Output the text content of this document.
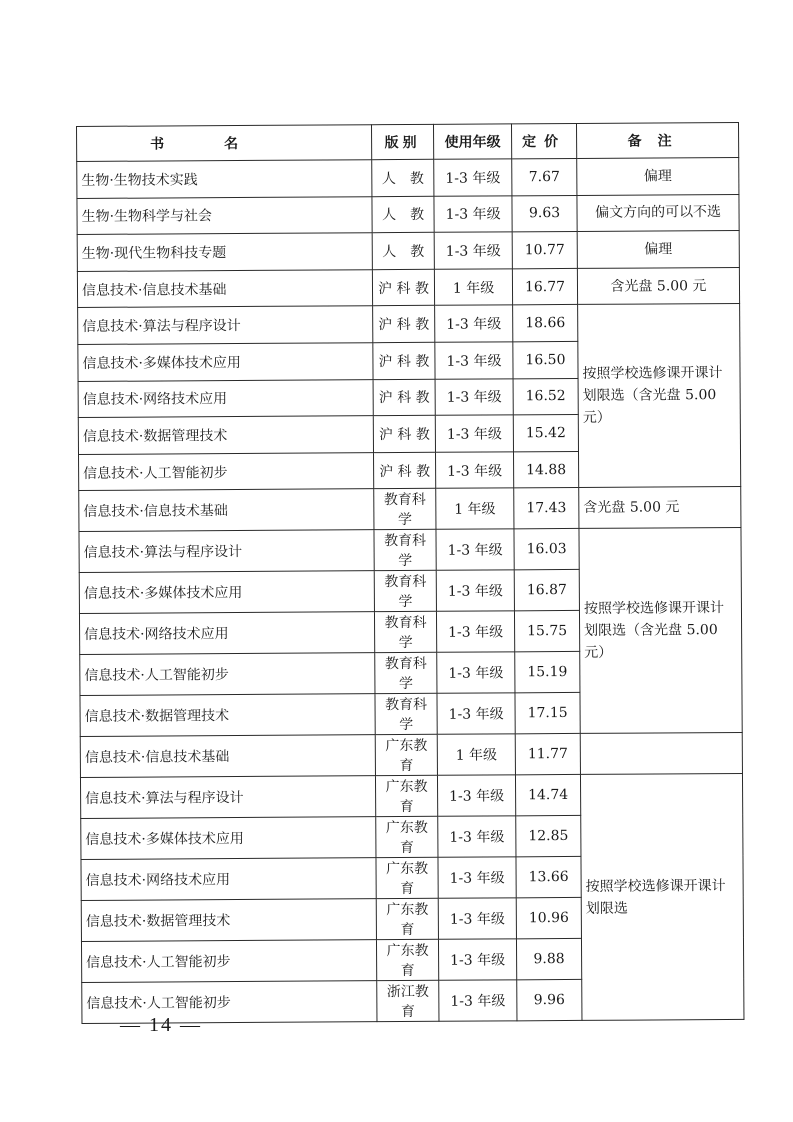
书名	版别	使用年级	定价	备注
生物·生物技术实践	人　教	1-3 年级	7.67	偏理
生物·生物科学与社会	人　教	1-3 年级	9.63	偏文方向的可以不选
生物·现代生物科技专题	人　教	1-3 年级	10.77	偏理
信息技术·信息技术基础	沪 科 教	1 年级	16.77	含光盘 5.00 元
信息技术·算法与程序设计	沪 科 教	1-3 年级	18.66	按照学校选修课开课计划限选（含光盘 5.00 元）
信息技术·多媒体技术应用	沪 科 教	1-3 年级	16.50	
信息技术·网络技术应用	沪 科 教	1-3 年级	16.52	
信息技术·数据管理技术	沪 科 教	1-3 年级	15.42	
信息技术·人工智能初步	沪 科 教	1-3 年级	14.88	
信息技术·信息技术基础	教育科学	1 年级	17.43	含光盘 5.00 元
信息技术·算法与程序设计	教育科学	1-3 年级	16.03	按照学校选修课开课计划限选（含光盘 5.00 元）
信息技术·多媒体技术应用	教育科学	1-3 年级	16.87	
信息技术·网络技术应用	教育科学	1-3 年级	15.75	
信息技术·人工智能初步	教育科学	1-3 年级	15.19	
信息技术·数据管理技术	教育科学	1-3 年级	17.15	
信息技术·信息技术基础	广东教育	1 年级	11.77	
信息技术·算法与程序设计	广东教育	1-3 年级	14.74	按照学校选修课开课计划限选
信息技术·多媒体技术应用	广东教育	1-3 年级	12.85	
信息技术·网络技术应用	广东教育	1-3 年级	13.66	
信息技术·数据管理技术	广东教育	1-3 年级	10.96	
信息技术·人工智能初步	广东教育	1-3 年级	9.88	
信息技术·人工智能初步	浙江教育	1-3 年级	9.96	
— 14 —
